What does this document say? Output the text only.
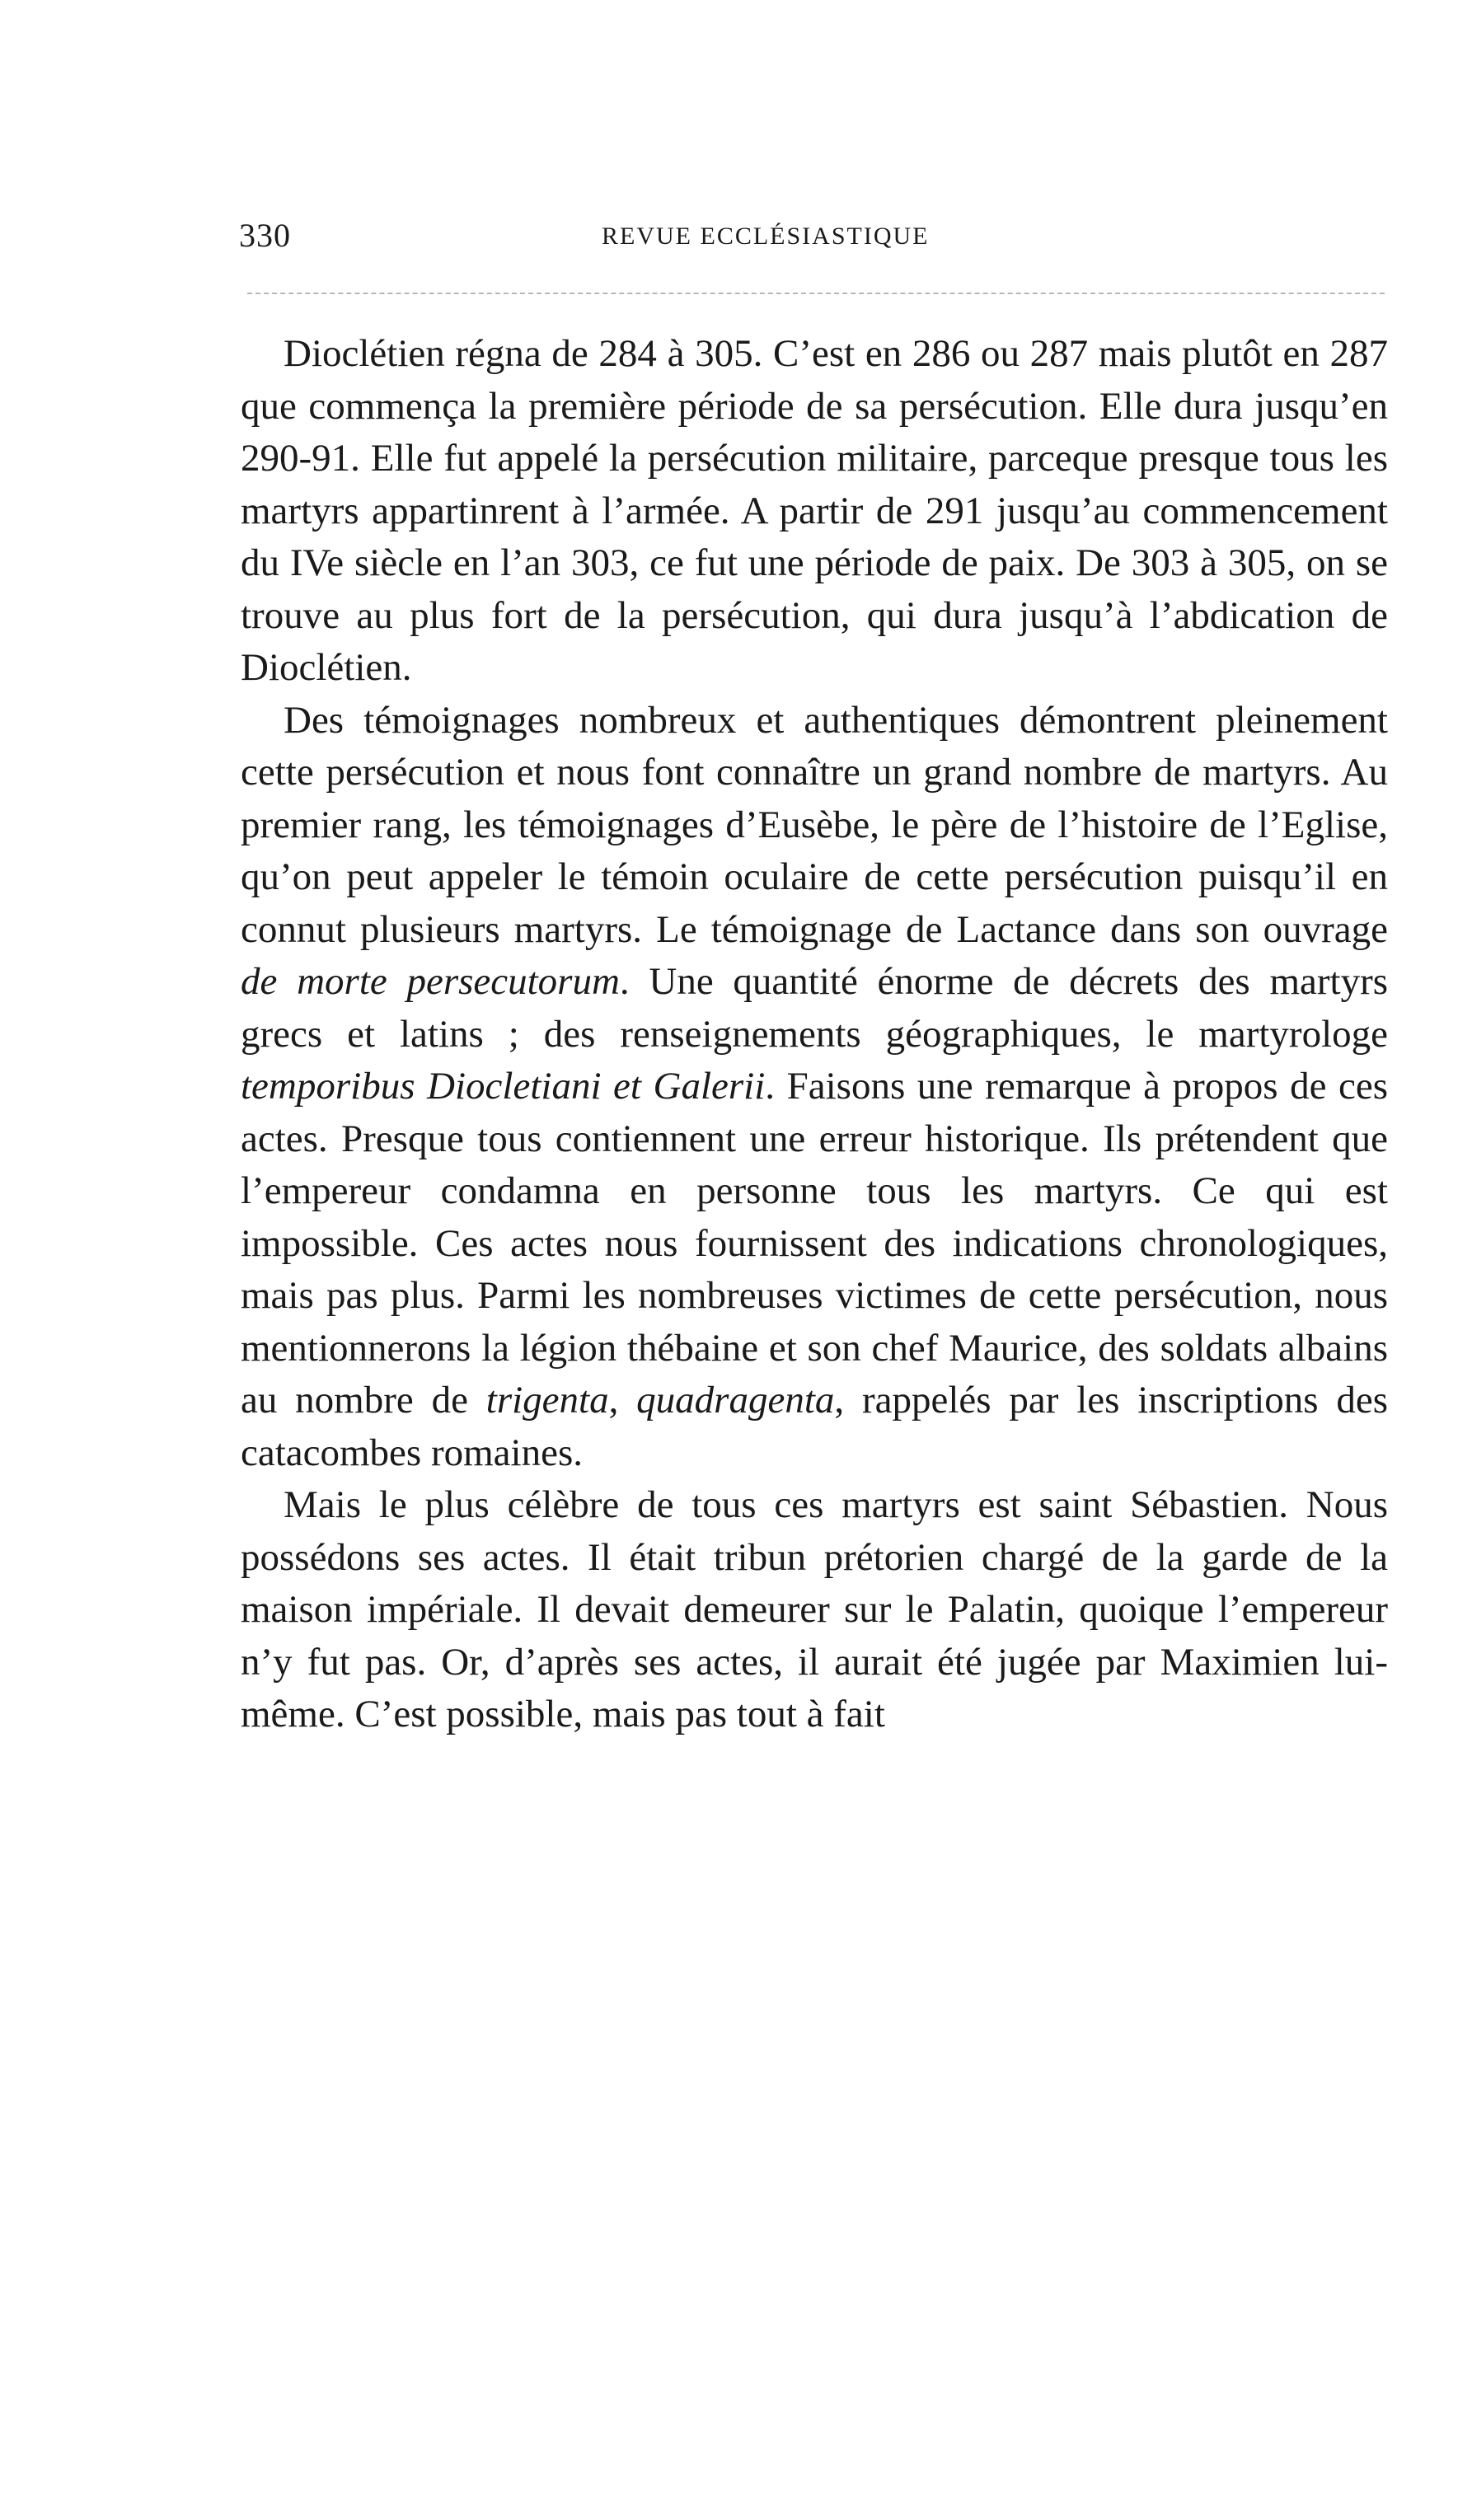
330	REVUE ECCLÉSIASTIQUE

Dioclétien régna de 284 à 305. C’est en 286 ou 287 mais plutôt en 287 que commença la première période de sa persécution. Elle dura jusqu’en 290-91. Elle fut appelé la persécution militaire, parceque presque tous les martyrs appartinrent à l’armée. A partir de 291 jusqu’au commencement du IVe siècle en l’an 303, ce fut une période de paix. De 303 à 305, on se trouve au plus fort de la persécution, qui dura jusqu’à l’abdication de Dioclétien.

Des témoignages nombreux et authentiques démontrent pleinement cette persécution et nous font connaître un grand nombre de martyrs. Au premier rang, les témoignages d’Eusèbe, le père de l’histoire de l’Eglise, qu’on peut appeler le témoin oculaire de cette persécution puisqu’il en connut plusieurs martyrs. Le témoignage de Lactance dans son ouvrage de morte persecutorum. Une quantité énorme de décrets des martyrs grecs et latins ; des renseignements géographiques, le martyrologe temporibus Diocletiani et Galerii. Faisons une remarque à propos de ces actes. Presque tous contiennent une erreur historique. Ils prétendent que l’empereur condamna en personne tous les martyrs. Ce qui est impossible. Ces actes nous fournissent des indications chronologiques, mais pas plus. Parmi les nombreuses victimes de cette persécution, nous mentionnerons la légion thébaine et son chef Maurice, des soldats albains au nombre de trigenta, quadragenta, rappelés par les inscriptions des catacombes romaines.

Mais le plus célèbre de tous ces martyrs est saint Sébastien. Nous possédons ses actes. Il était tribun prétorien chargé de la garde de la maison impériale. Il devait demeurer sur le Palatin, quoique l’empereur n’y fut pas. Or, d’après ses actes, il aurait été jugée par Maximien lui-même. C’est possible, mais pas tout à fait
